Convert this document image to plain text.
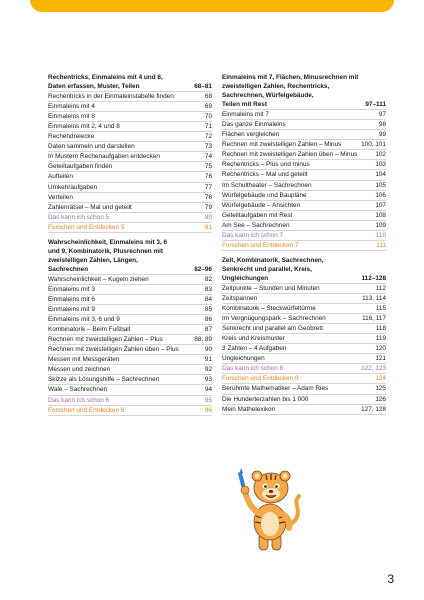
Rechentricks, Einmaleins mit 4 und 8,
Daten erfassen, Muster, Teilen	68–81
Rechentricks in der Einmaleinstabelle finden	68
Einmaleins mit 4	69
Einmaleins mit 8	70
Einmaleins mit 2, 4 und 8	71
Rechendreiecke	72
Daten sammeln und darstellen	73
In Mustern Rechenaufgaben entdecken	74
Geteiltaufgaben finden	75
Aufteilen	76
Umkehraufgaben	77
Verteilen	78
Zahlenrätsel – Mal und geteilt	79
Das kann ich schon 5	80
Forschen und Entdecken 5	81
Wahrscheinlichkeit, Einmaleins mit 3, 6
und 9, Kombinatorik, Plusrechnen mit
zweistelligen Zahlen, Längen,
Sachrechnen	82–96
Wahrscheinlichkeit – Kugeln ziehen	82
Einmaleins mit 3	83
Einmaleins mit 6	84
Einmaleins mit 9	85
Einmaleins mit 3, 6 und 9	86
Kombinatorik – Beim Fußball	87
Rechnen mit zweistelligen Zahlen – Plus	88, 89
Rechnen mit zweistelligen Zahlen üben – Plus	90
Messen mit Messgeräten	91
Messen und zeichnen	92
Skizze als Lösungshilfe – Sachrechnen	93
Wale – Sachrechnen	94
Das kann ich schon 6	95
Forschen und Entdecken 6	96
Einmaleins mit 7, Flächen, Minusrechnen mit
zweistelligen Zahlen, Rechentricks,
Sachrechnen, Würfelgebäude,
Teilen mit Rest	97–111
Einmaleins mit 7	97
Das ganze Einmaleins	98
Flächen vergleichen	99
Rechnen mit zweistelligen Zahlen – Minus	100, 101
Rechnen mit zweistelligen Zahlen üben – Minus	102
Rechentricks – Plus und minus	103
Rechentricks – Mal und geteilt	104
Im Schultheater – Sachrechnen	105
Würfelgebäude und Baupläne	106
Würfelgebäude – Ansichten	107
Geteiltaufgaben mit Rest	108
Am See – Sachrechnen	109
Das kann ich schon 7	110
Forschen und Entdecken 7	111
Zeit, Kombinatorik, Sachrechnen,
Senkrecht und parallel, Kreis,
Ungleichungen	112–128
Zeitpunkte – Stunden und Minuten	112
Zeitspannen	113, 114
Kombinatorik – Steckwürfeltürme	115
Im Vergnügungspark – Sachrechnen	116, 117
Senkrecht und parallel am Geobrett	118
Kreis und Kreismuster	119
3 Zahlen – 4 Aufgaben	120
Ungleichungen	121
Das kann ich schon 8	122, 123
Forschen und Entdecken 8	124
Berühmte Mathematiker – Adam Ries	125
Die Hunderterzahlen bis 1 000	126
Mein Mathelexikon	127, 128
3
